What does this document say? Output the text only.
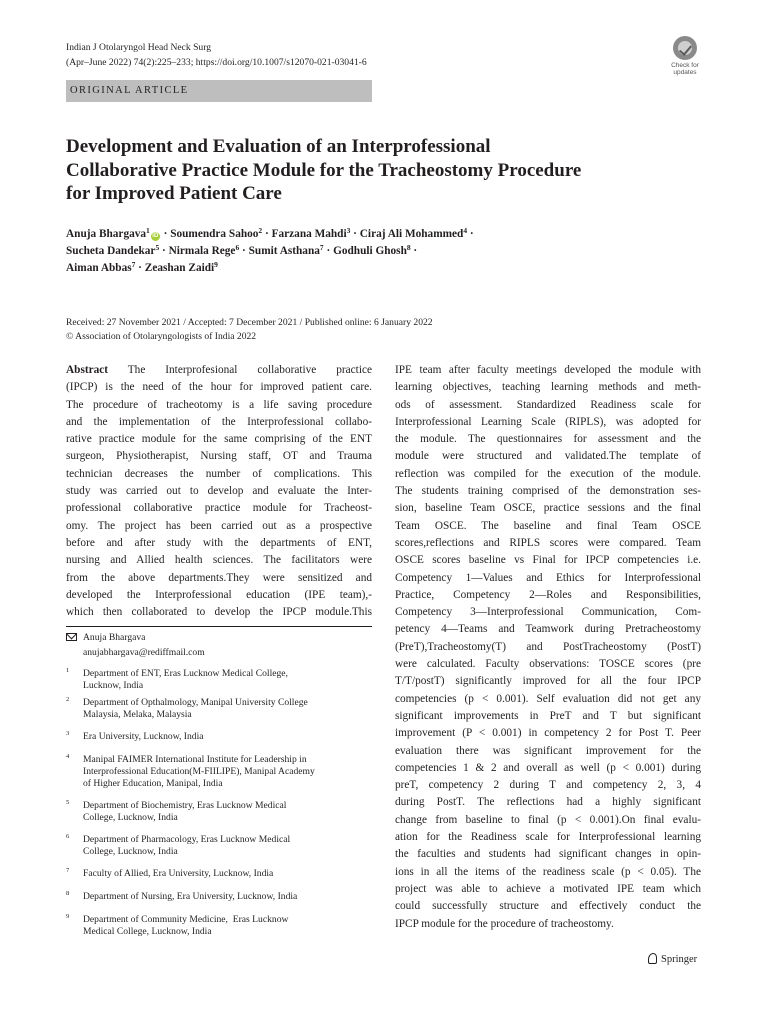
Indian J Otolaryngol Head Neck Surg
(Apr–June 2022) 74(2):225–233; https://doi.org/10.1007/s12070-021-03041-6	Check for
updates
ORIGINAL ARTICLE
Development and Evaluation of an Interprofessional
Collaborative Practice Module for the Tracheostomy Procedure
for Improved Patient Care
Anuja Bhargava$^1$iD · Soumendra Sahoo$^2$ · Farzana Mahdi$^3$ · Ciraj Ali Mohammed$^4$ ·
Sucheta Dandekar$^5$ · Nirmala Rege$^6$ · Sumit Asthana$^7$ · Godhuli Ghosh$^8$ ·
Aiman Abbas$^7$ · Zeashan Zaidi$^9$
Received: 27 November 2021 / Accepted: 7 December 2021 / Published online: 6 January 2022
© Association of Otolaryngologists of India 2022
Abstract The Interprofesional collaborative practice
(IPCP) is the need of the hour for improved patient care.
The procedure of tracheotomy is a life saving procedure
and the implementation of the Interprofessional collabo-
rative practice module for the same comprising of the ENT
surgeon, Physiotherapist, Nursing staff, OT and Trauma
technician decreases the number of complications. This
study was carried out to develop and evaluate the Inter-
professional collaborative practice module for Tracheost-
omy. The project has been carried out as a prospective
before and after study with the departments of ENT,
nursing and Allied health sciences. The facilitators were
from the above departments.They were sensitized and
developed the Interprofessional education (IPE team),-
which then collaborated to develop the IPCP module.This
IPE team after faculty meetings developed the module with
learning objectives, teaching learning methods and meth-
ods of assessment. Standardized Readiness scale for
Interprofessional Learning Scale (RIPLS), was adopted for
the module. The questionnaires for assessment and the
module were structured and validated.The template of
reflection was compiled for the execution of the module.
The students training comprised of the demonstration ses-
sion, baseline Team OSCE, practice sessions and the final
Team OSCE. The baseline and final Team OSCE
scores,reflections and RIPLS scores were compared. Team
OSCE scores baseline vs Final for IPCP competencies i.e.
Competency 1—Values and Ethics for Interprofessional
Practice, Competency 2—Roles and Responsibilities,
Competency 3—Interprofessional Communication, Com-
petency 4—Teams and Teamwork during Pretracheostomy
(PreT),Tracheostomy(T) and PostTracheostomy (PostT)
were calculated. Faculty observations: TOSCE scores (pre
T/T/postT) significantly improved for all the four IPCP
competencies (p < 0.001). Self evaluation did not get any
significant improvements in PreT and T but significant
improvement (P < 0.001) in competency 2 for Post T. Peer
evaluation there was significant improvement for the
competencies 1 & 2 and overall as well (p < 0.001) during
preT, competency 2 during T and competency 2, 3, 4
during PostT. The reflections had a highly significant
change from baseline to final (p < 0.001).On final evalu-
ation for the Readiness scale for Interprofessional learning
the faculties and students had significant changes in opin-
ions in all the items of the readiness scale (p < 0.05). The
project was able to achieve a motivated IPE team which
could successfully structure and effectively conduct the
IPCP module for the procedure of tracheostomy.
Anuja Bhargava
anujabhargava@rediffmail.com
1 Department of ENT, Eras Lucknow Medical College,
Lucknow, India
2 Department of Opthalmology, Manipal University College
Malaysia, Melaka, Malaysia
3 Era University, Lucknow, India
4 Manipal FAIMER International Institute for Leadership in
Interprofessional Education(M-FIILIPE), Manipal Academy
of Higher Education, Manipal, India
5 Department of Biochemistry, Eras Lucknow Medical
College, Lucknow, India
6 Department of Pharmacology, Eras Lucknow Medical
College, Lucknow, India
7 Faculty of Allied, Era University, Lucknow, India
8 Department of Nursing, Era University, Lucknow, India
9 Department of Community Medicine,  Eras Lucknow
Medical College, Lucknow, India
Springer
